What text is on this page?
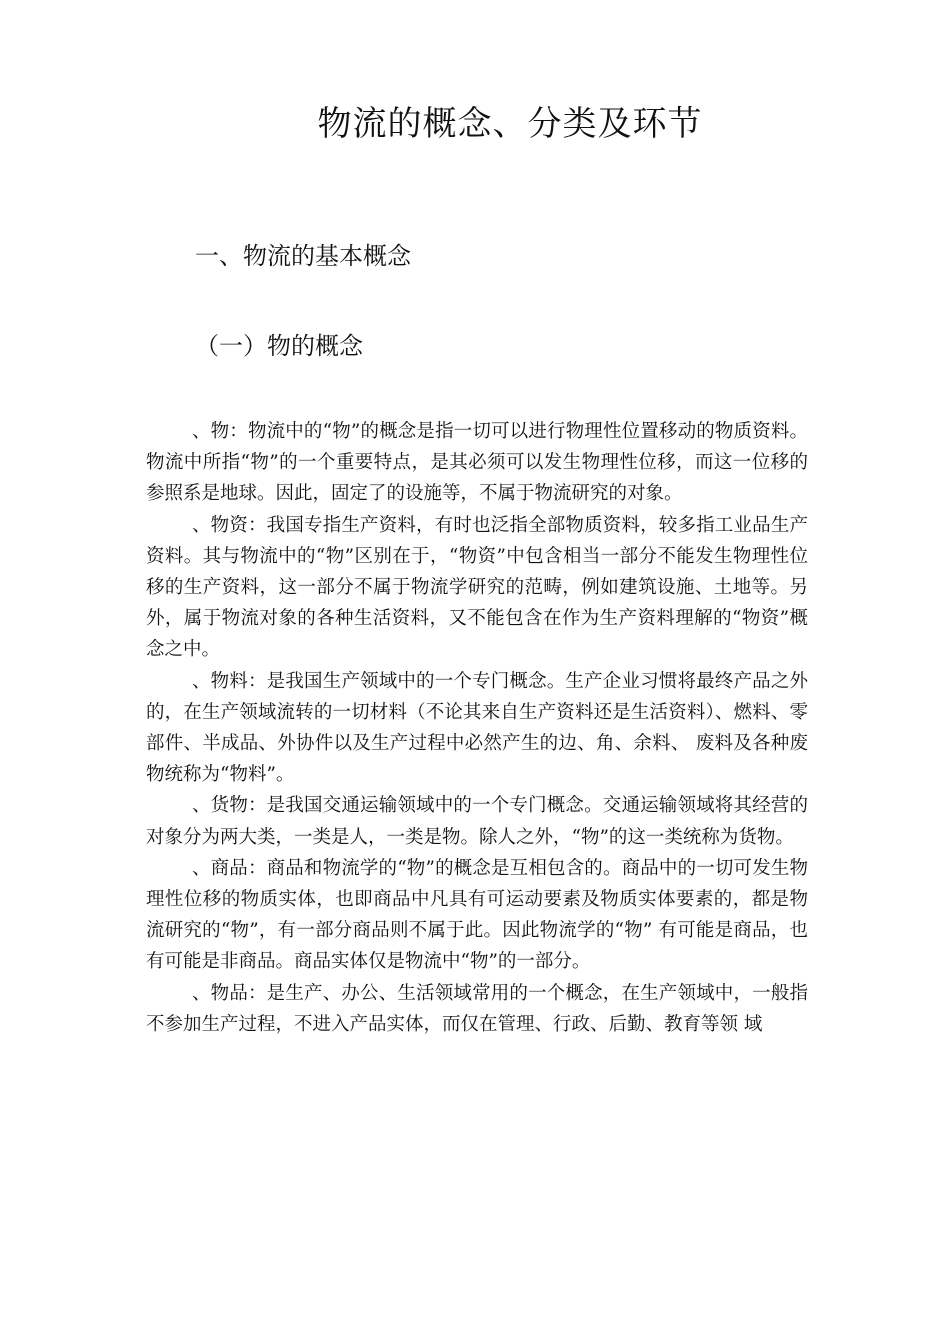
物流的概念、分类及环节
一、物流的基本概念
（一）物的概念

、物：物流中的“物”的概念是指一切可以进行物理性位置移动的物质资料。物流中所指“物”的一个重要特点，是其必须可以发生物理性位移，而这一位移的参照系是地球。因此，固定了的设施等，不属于物流研究的对象。

、物资：我国专指生产资料，有时也泛指全部物质资料，较多指工业品生产资料。其与物流中的“物”区别在于，“物资”中包含相当一部分不能发生物理性位移的生产资料，这一部分不属于物流学研究的范畴，例如建筑设施、土地等。另外，属于物流对象的各种生活资料，又不能包含在作为生产资料理解的“物资”概念之中。

、物料：是我国生产领域中的一个专门概念。生产企业习惯将最终产品之外的，在生产领域流转的一切材料（不论其来自生产资料还是生活资料）、燃料、零部件、半成品、外协件以及生产过程中必然产生的边、角、余料、 废料及各种废物统称为“物料”。

、货物：是我国交通运输领域中的一个专门概念。交通运输领域将其经营的对象分为两大类，一类是人，一类是物。除人之外，“物”的这一类统称为货物。

、商品：商品和物流学的“物”的概念是互相包含的。商品中的一切可发生物理性位移的物质实体，也即商品中凡具有可运动要素及物质实体要素的，都是物流研究的“物”，有一部分商品则不属于此。因此物流学的“物” 有可能是商品，也有可能是非商品。商品实体仅是物流中“物”的一部分。

、物品：是生产、办公、生活领域常用的一个概念，在生产领域中，一般指不参加生产过程，不进入产品实体，而仅在管理、行政、后勤、教育等领 域
